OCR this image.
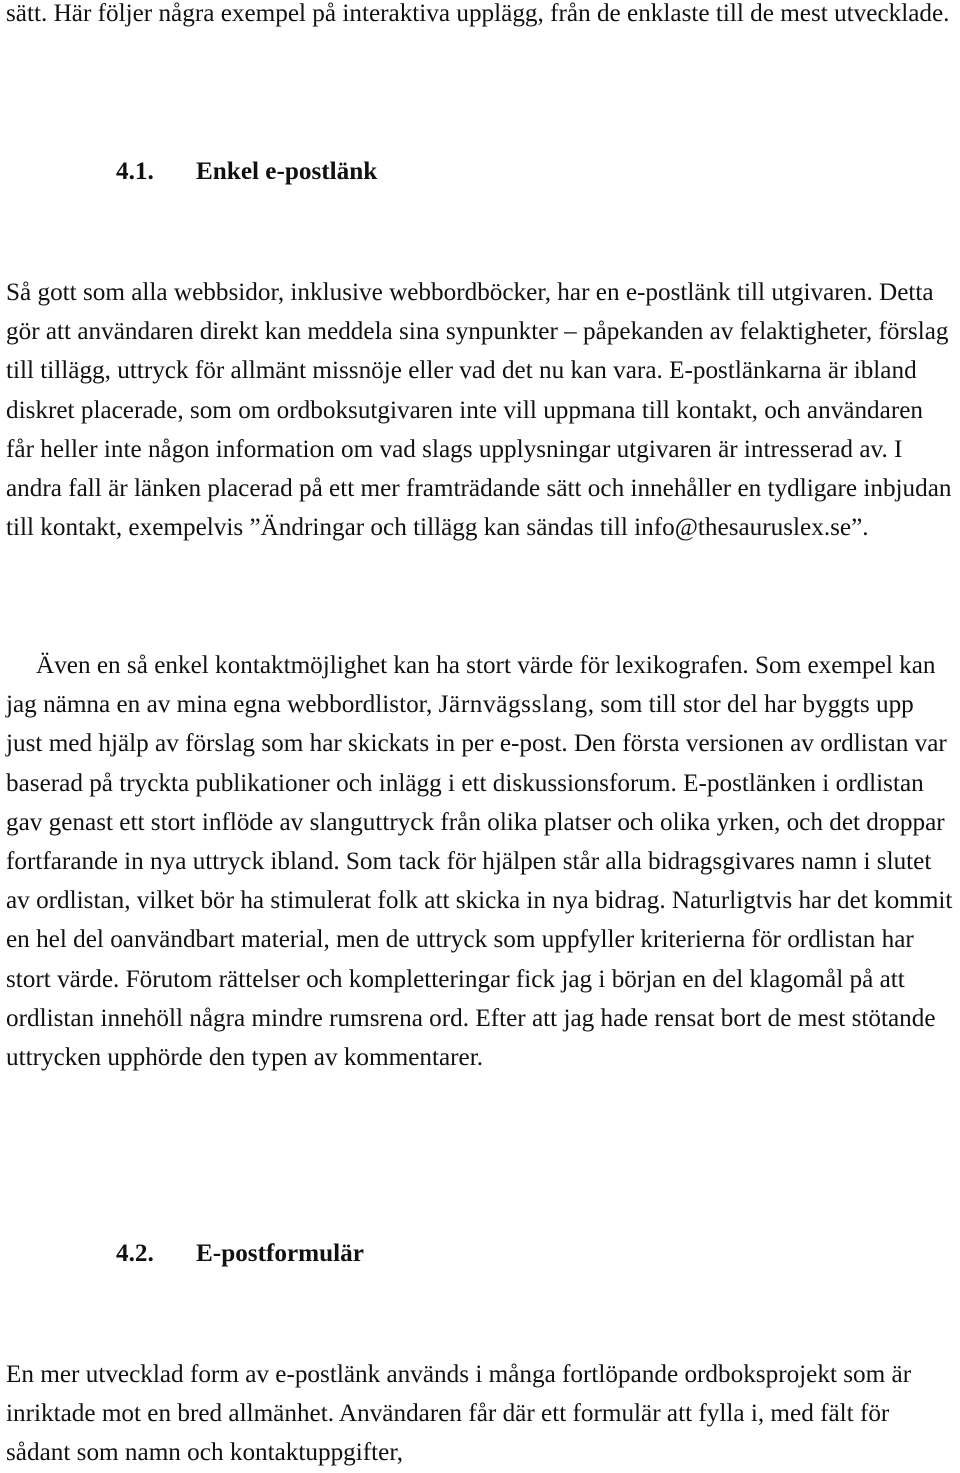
sätt. Här följer några exempel på interaktiva upplägg, från de enklaste till de mest utvecklade.

4.1. Enkel e-postlänk

Så gott som alla webbsidor, inklusive webbordböcker, har en e-postlänk till utgivaren. Detta gör att användaren direkt kan meddela sina synpunkter – påpekanden av felaktigheter, förslag till tillägg, uttryck för allmänt missnöje eller vad det nu kan vara. E-postlänkarna är ibland diskret placerade, som om ordboksutgivaren inte vill uppmana till kontakt, och användaren får heller inte någon information om vad slags upplysningar utgivaren är intresserad av. I andra fall är länken placerad på ett mer framträdande sätt och innehåller en tydligare inbjudan till kontakt, exempelvis ”Ändringar och tillägg kan sändas till info@thesauruslex.se”.

Även en så enkel kontaktmöjlighet kan ha stort värde för lexikografen. Som exempel kan jag nämna en av mina egna webbordlistor, Järnvägsslang, som till stor del har byggts upp just med hjälp av förslag som har skickats in per e-post. Den första versionen av ordlistan var baserad på tryckta publikationer och inlägg i ett diskussionsforum. E-postlänken i ordlistan gav genast ett stort inflöde av slanguttryck från olika platser och olika yrken, och det droppar fortfarande in nya uttryck ibland. Som tack för hjälpen står alla bidragsgivares namn i slutet av ordlistan, vilket bör ha stimulerat folk att skicka in nya bidrag. Naturligtvis har det kommit en hel del oanvändbart material, men de uttryck som uppfyller kriterierna för ordlistan har stort värde. Förutom rättelser och kompletteringar fick jag i början en del klagomål på att ordlistan innehöll några mindre rumsrena ord. Efter att jag hade rensat bort de mest stötande uttrycken upphörde den typen av kommentarer.

4.2. E-postformulär

En mer utvecklad form av e-postlänk används i många fortlöpande ordboksprojekt som är inriktade mot en bred allmänhet. Användaren får där ett formulär att fylla i, med fält för sådant som namn och kontaktuppgifter,
